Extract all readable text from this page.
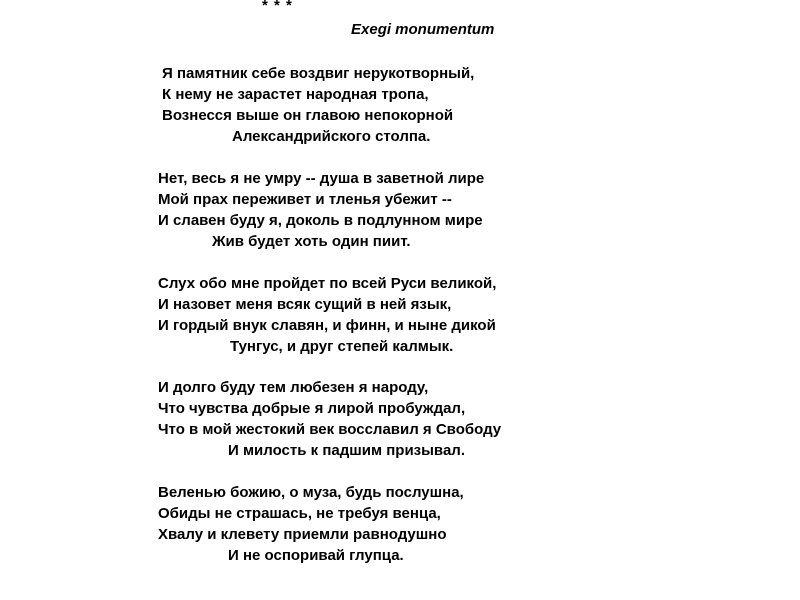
* * *
Exegi monumentum
Я памятник себе воздвиг нерукотворный,
К нему не зарастет народная тропа,
Вознесся выше он главою непокорной
Александрийского столпа.
Нет, весь я не умру -- душа в заветной лире
Мой прах переживет и тленья убежит --
И славен буду я, доколь в подлунном мире
Жив будет хоть один пиит.
Слух обо мне пройдет по всей Руси великой,
И назовет меня всяк сущий в ней язык,
И гордый внук славян, и финн, и ныне дикой
Тунгус, и друг степей калмык.
И долго буду тем любезен я народу,
Что чувства добрые я лирой пробуждал,
Что в мой жестокий век восславил я Свободу
И милость к падшим призывал.
Веленью божию, о муза, будь послушна,
Обиды не страшась, не требуя венца,
Хвалу и клевету приемли равнодушно
И не оспоривай глупца.
